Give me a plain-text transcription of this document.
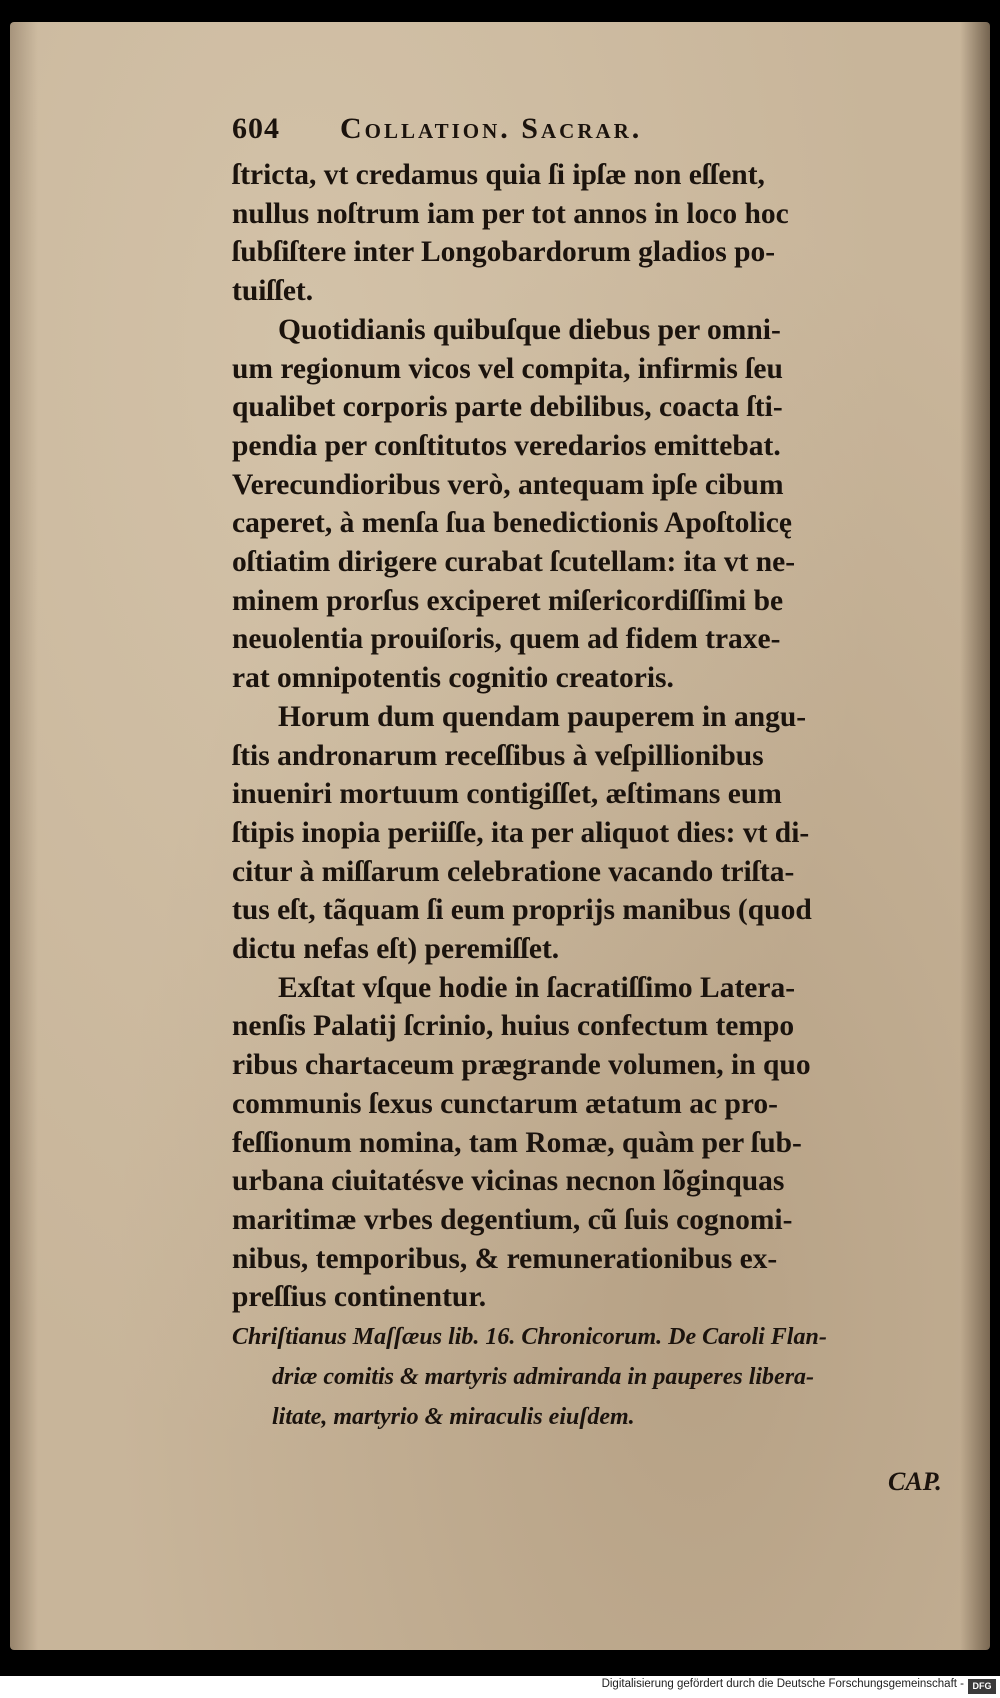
604 Collation. Sacrar.
ſtricta, vt credamus quia ſi ipſæ non eſſent,
nullus noſtrum iam per tot annos in loco hoc
ſubſiſtere inter Longobardorum gladios po-
tuiſſet.
Quotidianis quibuſque diebus per omni-
um regionum vicos vel compita, infirmis ſeu
qualibet corporis parte debilibus, coacta ſti-
pendia per conſtitutos veredarios emittebat.
Verecundioribus verò, antequam ipſe cibum
caperet, à menſa ſua benedictionis Apoſtolicę
oſtiatim dirigere curabat ſcutellam: ita vt ne-
minem prorſus exciperet miſericordiſſimi be
neuolentia prouiſoris, quem ad fidem traxe-
rat omnipotentis cognitio creatoris.
Horum dum quendam pauperem in angu-
ſtis andronarum receſſibus à veſpillionibus
inueniri mortuum contigiſſet, æſtimans eum
ſtipis inopia periiſſe, ita per aliquot dies: vt di-
citur à miſſarum celebratione vacando triſta-
tus eſt, tãquam ſi eum proprijs manibus (quod
dictu nefas eſt) peremiſſet.
Exſtat vſque hodie in ſacratiſſimo Latera-
nenſis Palatij ſcrinio, huius confectum tempo
ribus chartaceum prægrande volumen, in quo
communis ſexus cunctarum ætatum ac pro-
feſſionum nomina, tam Romæ, quàm per ſub-
urbana ciuitatésve vicinas necnon lõginquas
maritimæ vrbes degentium, cũ ſuis cognomi-
nibus, temporibus, & remunerationibus ex-
preſſius continentur.
Chriſtianus Maſſæus lib. 16. Chronicorum. De Caroli Flan-
driæ comitis & martyris admiranda in pauperes libera-
litate, martyrio & miraculis eiuſdem.
CAP.
Digitalisierung gefördert durch die Deutsche Forschungsgemeinschaft - DFG
